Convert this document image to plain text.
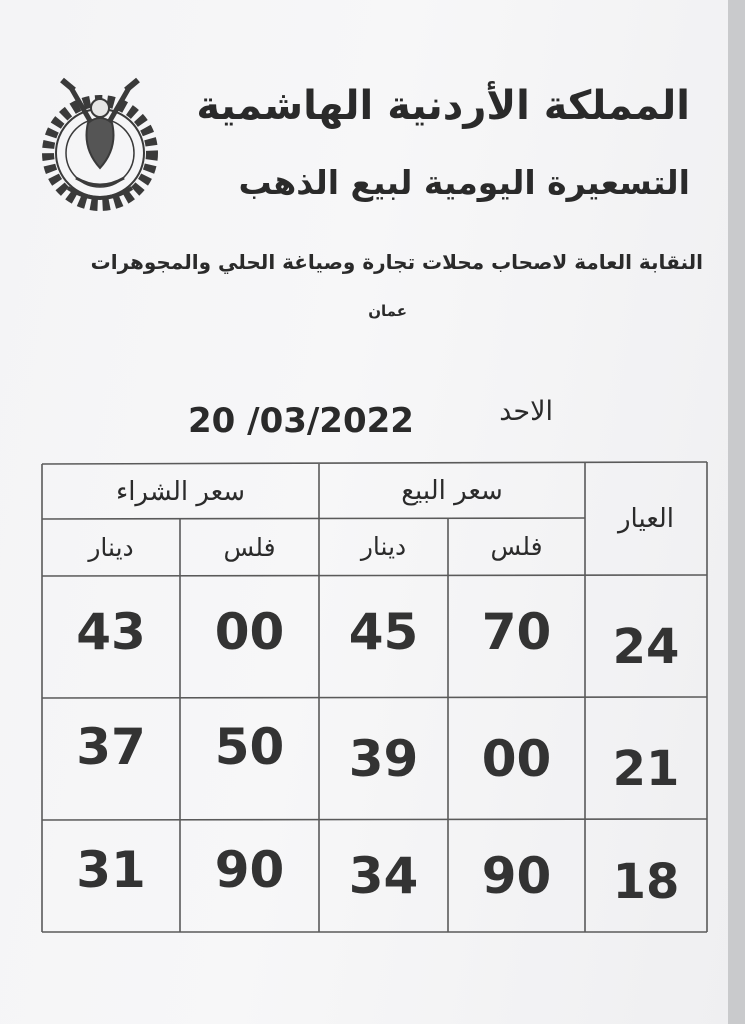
المملكة الأردنية الهاشمية
التسعيرة اليومية لبيع الذهب
النقابة العامة لاصحاب محلات تجارة وصياغة الحلي والمجوهرات
عمان
الاحد
20 /03/2022
العيار
سعر البيع
سعر الشراء
فلس
دينار
فلس
دينار
24
70
45
00
43
21
00
39
50
37
18
90
34
90
31
